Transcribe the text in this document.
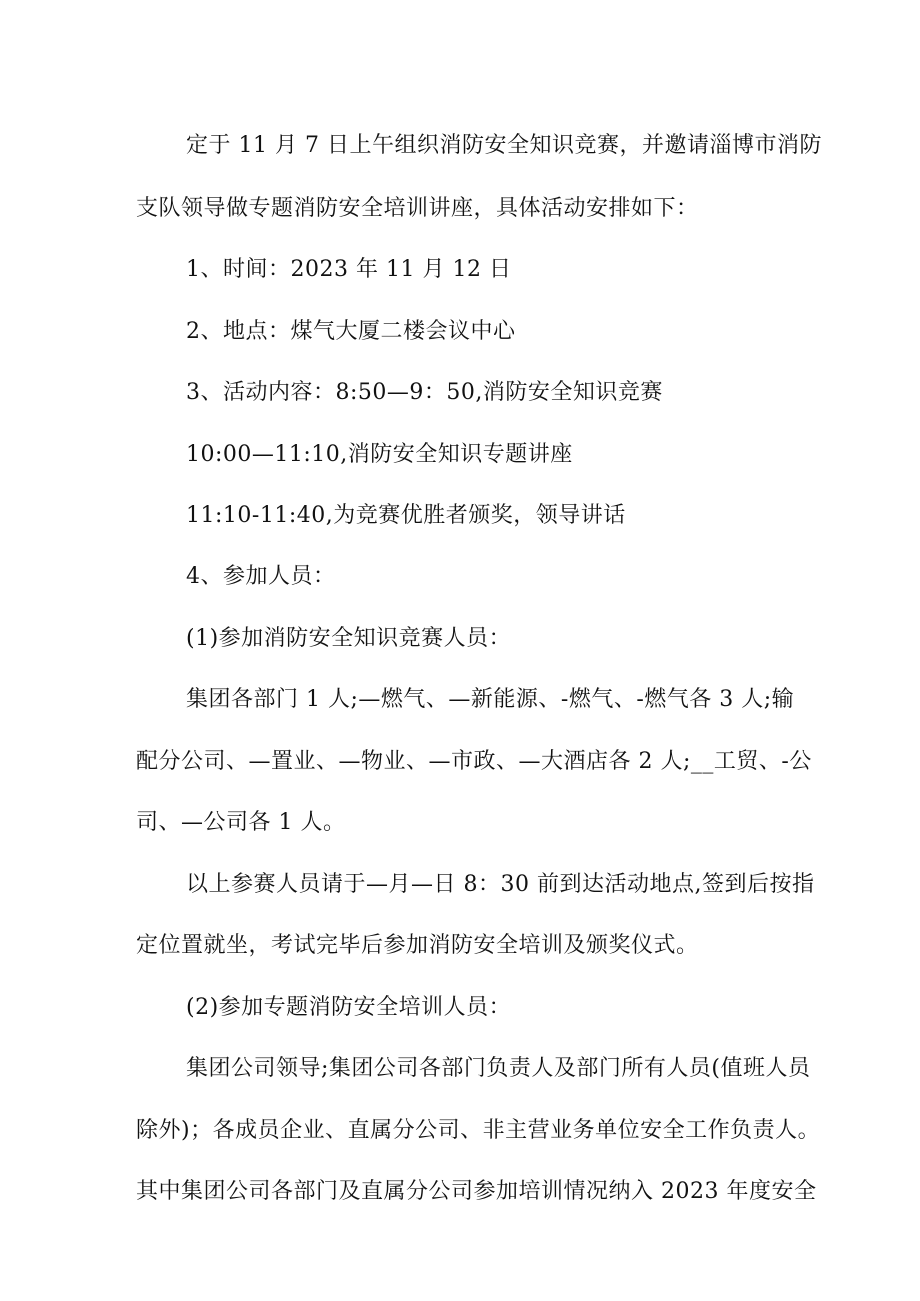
定于 11 月 7 日上午组织消防安全知识竞赛，并邀请淄博市消防
支队领导做专题消防安全培训讲座，具体活动安排如下：
1、时间：2023 年 11 月 12 日
2、地点：煤气大厦二楼会议中心
3、活动内容：8:50—9：50,消防安全知识竞赛
10:00—11:10,消防安全知识专题讲座
11:10-11:40,为竞赛优胜者颁奖，领导讲话
4、参加人员：
(1)参加消防安全知识竞赛人员：
集团各部门 1 人;—燃气、—新能源、-燃气、-燃气各 3 人;输
配分公司、—置业、—物业、—市政、—大酒店各 2 人;__工贸、-公
司、—公司各 1 人。
以上参赛人员请于—月—日 8：30 前到达活动地点,签到后按指
定位置就坐，考试完毕后参加消防安全培训及颁奖仪式。
(2)参加专题消防安全培训人员：
集团公司领导;集团公司各部门负责人及部门所有人员(值班人员
除外)；各成员企业、直属分公司、非主营业务单位安全工作负责人。
其中集团公司各部门及直属分公司参加培训情况纳入 2023 年度安全
